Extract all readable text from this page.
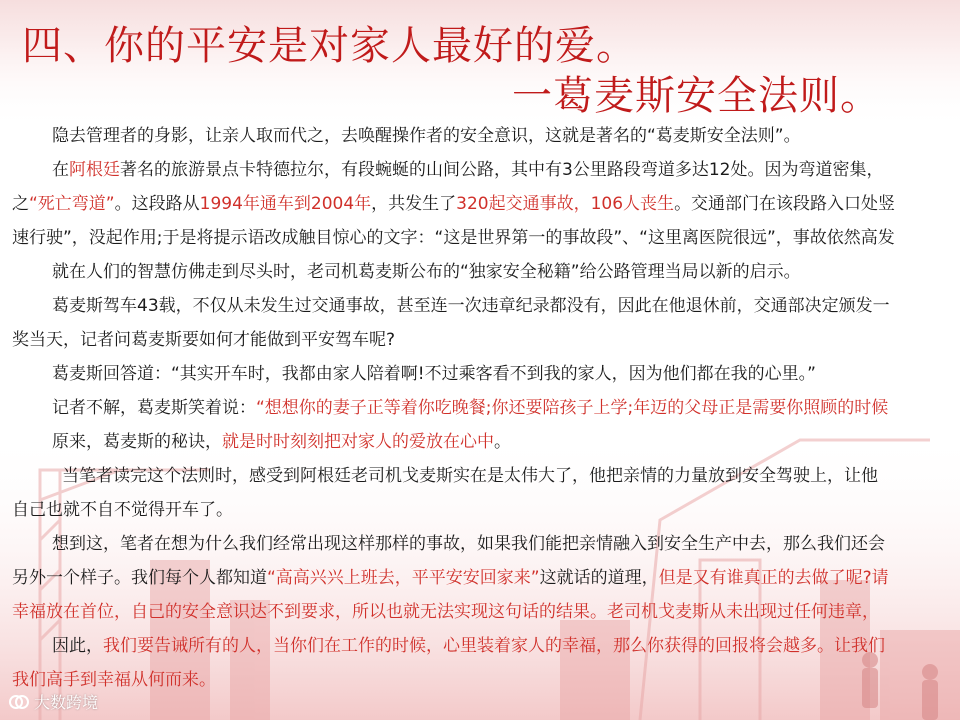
四、你的平安是对家人最好的爱。
一葛麦斯安全法则。
隐去管理者的身影，让亲人取而代之，去唤醒操作者的安全意识，这就是著名的“葛麦斯安全法则”。
在阿根廷著名的旅游景点卡特德拉尔，有段蜿蜒的山间公路，其中有3公里路段弯道多达12处。因为弯道密集，
之“死亡弯道”。这段路从1994年通车到2004年，共发生了320起交通事故，106人丧生。交通部门在该段路入口处竖
速行驶”，没起作用;于是将提示语改成触目惊心的文字：“这是世界第一的事故段”、“这里离医院很远”，事故依然高发
就在人们的智慧仿佛走到尽头时，老司机葛麦斯公布的“独家安全秘籍”给公路管理当局以新的启示。
葛麦斯驾车43载，不仅从未发生过交通事故，甚至连一次违章纪录都没有，因此在他退休前，交通部决定颁发一
奖当天，记者问葛麦斯要如何才能做到平安驾车呢?
葛麦斯回答道：“其实开车时，我都由家人陪着啊!不过乘客看不到我的家人，因为他们都在我的心里。”
记者不解，葛麦斯笑着说：“想想你的妻子正等着你吃晚餐;你还要陪孩子上学;年迈的父母正是需要你照顾的时候
原来，葛麦斯的秘诀，就是时时刻刻把对家人的爱放在心中。
当笔者读完这个法则时，感受到阿根廷老司机戈麦斯实在是太伟大了，他把亲情的力量放到安全驾驶上，让他
自己也就不自不觉得开车了。
想到这，笔者在想为什么我们经常出现这样那样的事故，如果我们能把亲情融入到安全生产中去，那么我们还会
另外一个样子。我们每个人都知道“高高兴兴上班去，平平安安回家来”这就话的道理，但是又有谁真正的去做了呢?请
幸福放在首位，自己的安全意识达不到要求，所以也就无法实现这句话的结果。老司机戈麦斯从未出现过任何违章，
因此，我们要告诫所有的人，当你们在工作的时候，心里装着家人的幸福，那么你获得的回报将会越多。让我们
我们高手到幸福从何而来。
大数跨境
